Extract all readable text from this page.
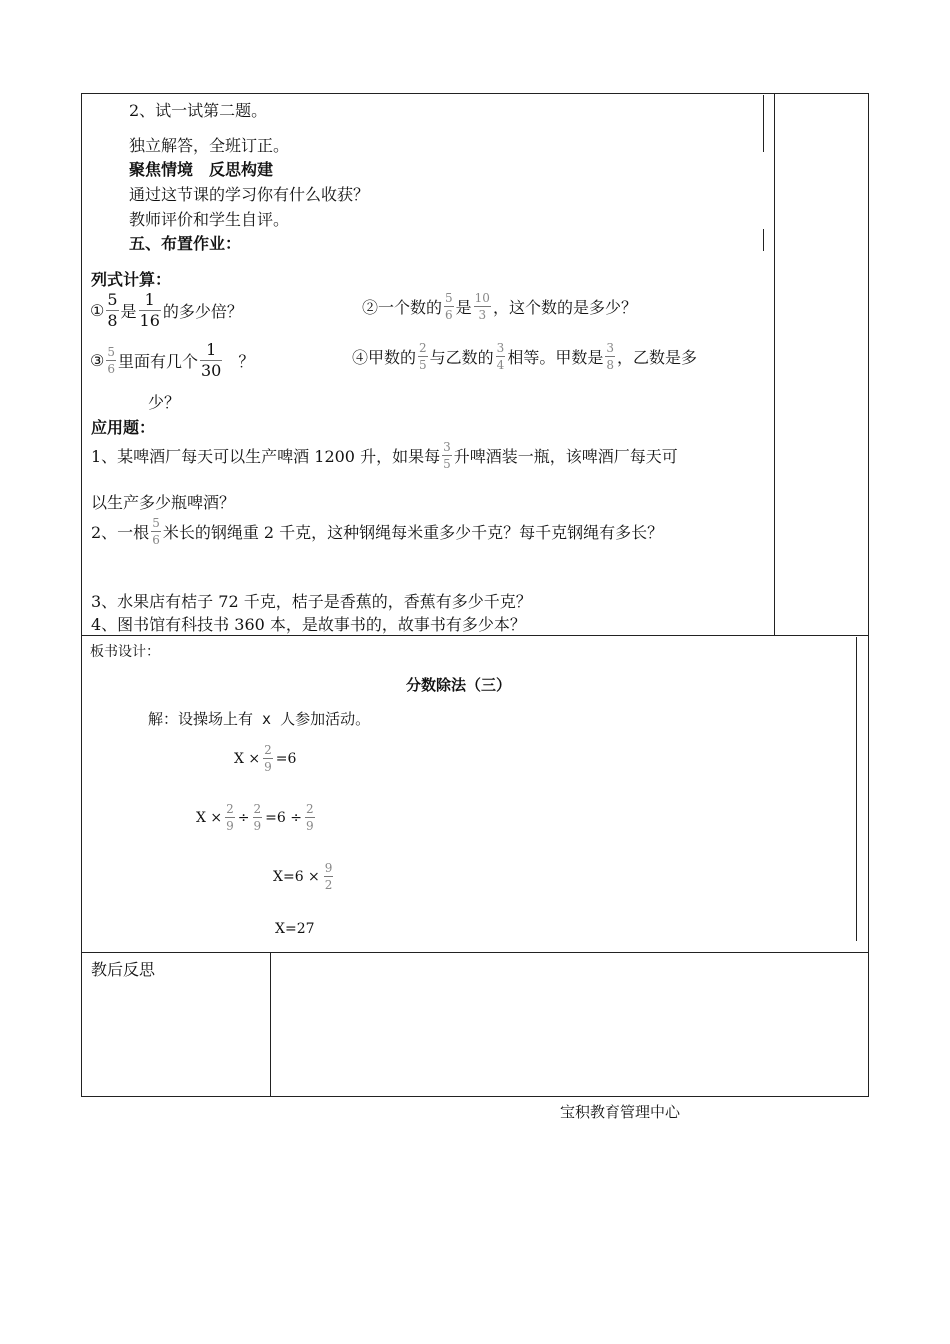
2、试一试第二题。
独立解答，全班订正。
聚焦情境　反思构建
通过这节课的学习你有什么收获？
教师评价和学生自评。
五、布置作业：
列式计算：
① $\frac{5}{8}$ 是 $\frac{1}{16}$ 的多少倍？	②一个数的 $\frac{5}{6}$ 是 $\frac{10}{3}$ ，这个数的是多少？
③ $\frac{5}{6}$ 里面有几个 $\frac{1}{30}$ ？	④甲数的 $\frac{2}{5}$ 与乙数的 $\frac{3}{4}$ 相等。甲数是 $\frac{3}{8}$ ，乙数是多
少？
应用题：
1、某啤酒厂每天可以生产啤酒 1200 升，如果每 $\frac{3}{5}$ 升啤酒装一瓶，该啤酒厂每天可
以生产多少瓶啤酒？
2、一根 $\frac{5}{6}$ 米长的钢绳重 2 千克，这种钢绳每米重多少千克？每千克钢绳有多长？
3、水果店有桔子 72 千克，桔子是香蕉的，香蕉有多少千克？
4、图书馆有科技书 360 本，是故事书的，故事书有多少本？
板书设计：
分数除法（三）
解：设操场上有 x 人参加活动。
$X \times \frac{2}{9} =6$
$X \times \frac{2}{9} \div \frac{2}{9} =6 \div \frac{2}{9}$
$X=6 \times \frac{9}{2}$
X=27
教后反思
宝积教育管理中心
